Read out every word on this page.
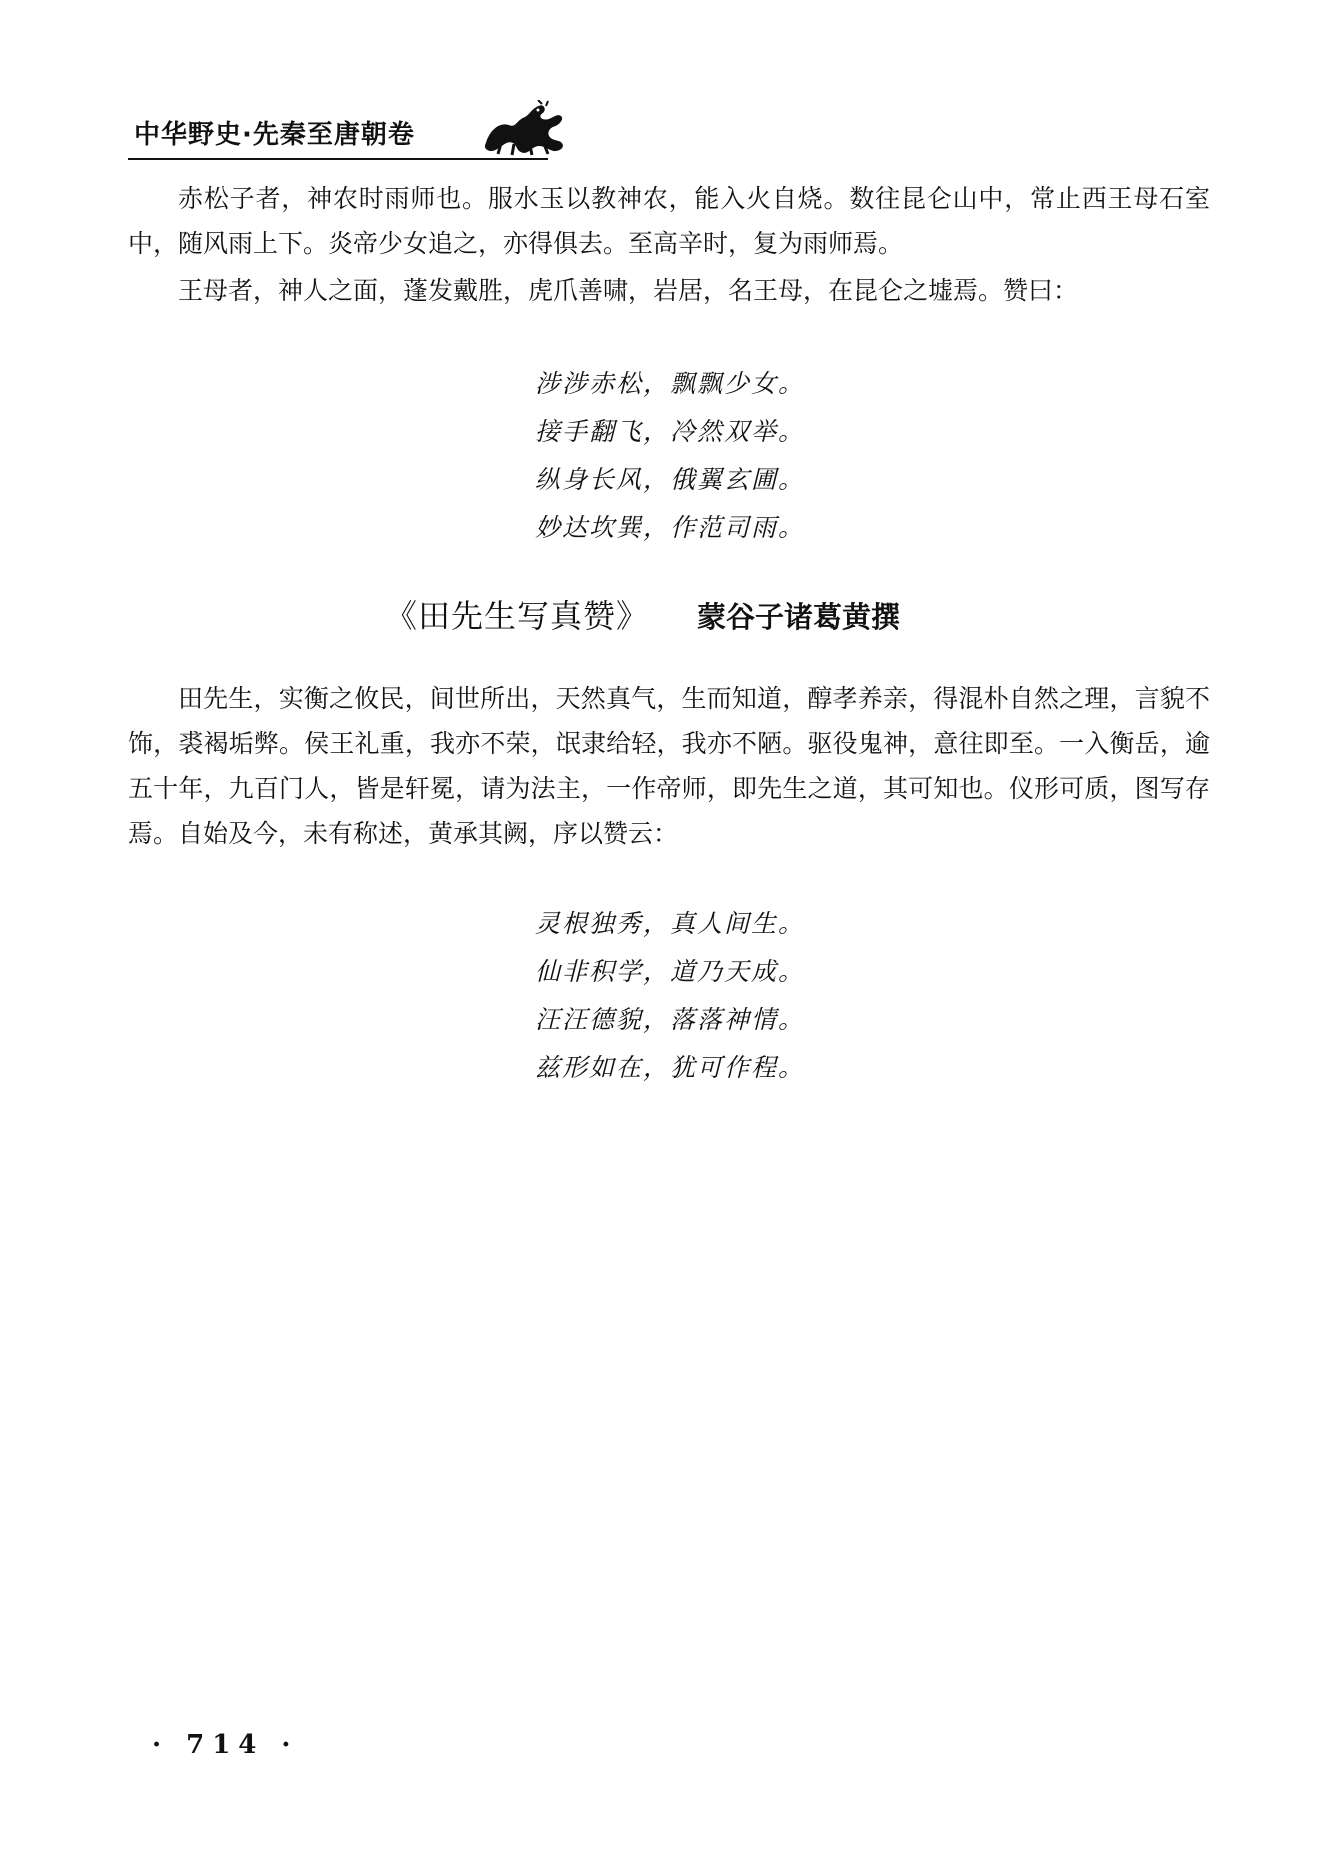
中华野史·先秦至唐朝卷

赤松子者，神农时雨师也。服水玉以教神农，能入火自烧。数往昆仑山中，常止西王母石室中，随风雨上下。炎帝少女追之，亦得俱去。至高辛时，复为雨师焉。

王母者，神人之面，蓬发戴胜，虎爪善啸，岩居，名王母，在昆仑之墟焉。赞曰：

涉涉赤松，飘飘少女。
接手翻飞，冷然双举。
纵身长风，俄翼玄圃。
妙达坎巽，作范司雨。
《田先生写真赞》 蒙谷子诸葛黄撰

田先生，实衡之攸民，间世所出，天然真气，生而知道，醇孝养亲，得混朴自然之理，言貌不饰，裘褐垢弊。侯王礼重，我亦不荣，氓隶给轻，我亦不陋。驱役鬼神，意往即至。一入衡岳，逾五十年，九百门人，皆是轩冕，请为法主，一作帝师，即先生之道，其可知也。仪形可质，图写存焉。自始及今，未有称述，黄承其阙，序以赞云：

灵根独秀，真人间生。
仙非积学，道乃天成。
汪汪德貌，落落神情。
兹形如在，犹可作程。
· 714 ·
